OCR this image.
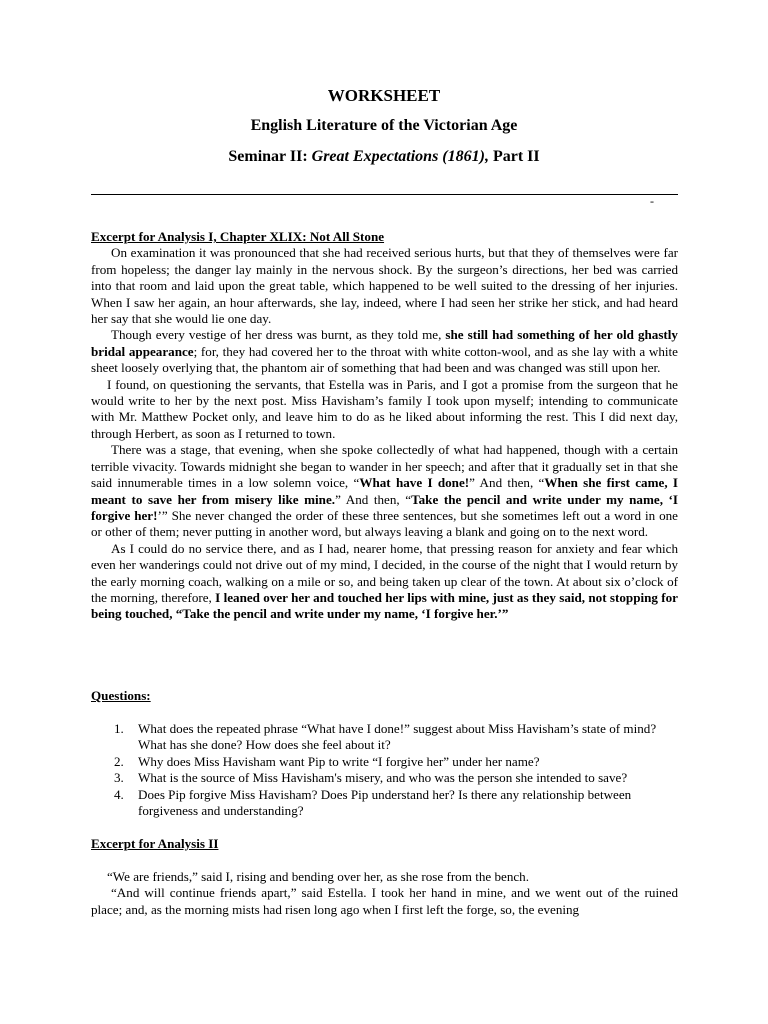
WORKSHEET
English Literature of the Victorian Age
Seminar II: Great Expectations (1861), Part II
-

Excerpt for Analysis I, Chapter XLIX: Not All Stone

On examination it was pronounced that she had received serious hurts, but that they of themselves were far from hopeless; the danger lay mainly in the nervous shock. By the surgeon’s directions, her bed was carried into that room and laid upon the great table, which happened to be well suited to the dressing of her injuries. When I saw her again, an hour afterwards, she lay, indeed, where I had seen her strike her stick, and had heard her say that she would lie one day.

Though every vestige of her dress was burnt, as they told me, she still had something of her old ghastly bridal appearance; for, they had covered her to the throat with white cotton-wool, and as she lay with a white sheet loosely overlying that, the phantom air of something that had been and was changed was still upon her.

I found, on questioning the servants, that Estella was in Paris, and I got a promise from the surgeon that he would write to her by the next post. Miss Havisham’s family I took upon myself; intending to communicate with Mr. Matthew Pocket only, and leave him to do as he liked about informing the rest. This I did next day, through Herbert, as soon as I returned to town.

There was a stage, that evening, when she spoke collectedly of what had happened, though with a certain terrible vivacity. Towards midnight she began to wander in her speech; and after that it gradually set in that she said innumerable times in a low solemn voice, “What have I done!” And then, “When she first came, I meant to save her from misery like mine.” And then, “Take the pencil and write under my name, ‘I forgive her!’” She never changed the order of these three sentences, but she sometimes left out a word in one or other of them; never putting in another word, but always leaving a blank and going on to the next word.

As I could do no service there, and as I had, nearer home, that pressing reason for anxiety and fear which even her wanderings could not drive out of my mind, I decided, in the course of the night that I would return by the early morning coach, walking on a mile or so, and being taken up clear of the town. At about six o’clock of the morning, therefore, I leaned over her and touched her lips with mine, just as they said, not stopping for being touched, “Take the pencil and write under my name, ‘I forgive her.’”

Questions:

1.	What does the repeated phrase “What have I done!” suggest about Miss Havisham’s state of mind? What has she done? How does she feel about it?
2.	Why does Miss Havisham want Pip to write “I forgive her” under her name?
3.	What is the source of Miss Havisham's misery, and who was the person she intended to save?
4.	Does Pip forgive Miss Havisham? Does Pip understand her? Is there any relationship between forgiveness and understanding?

Excerpt for Analysis II

“We are friends,” said I, rising and bending over her, as she rose from the bench.

“And will continue friends apart,” said Estella. I took her hand in mine, and we went out of the ruined place; and, as the morning mists had risen long ago when I first left the forge, so, the evening
